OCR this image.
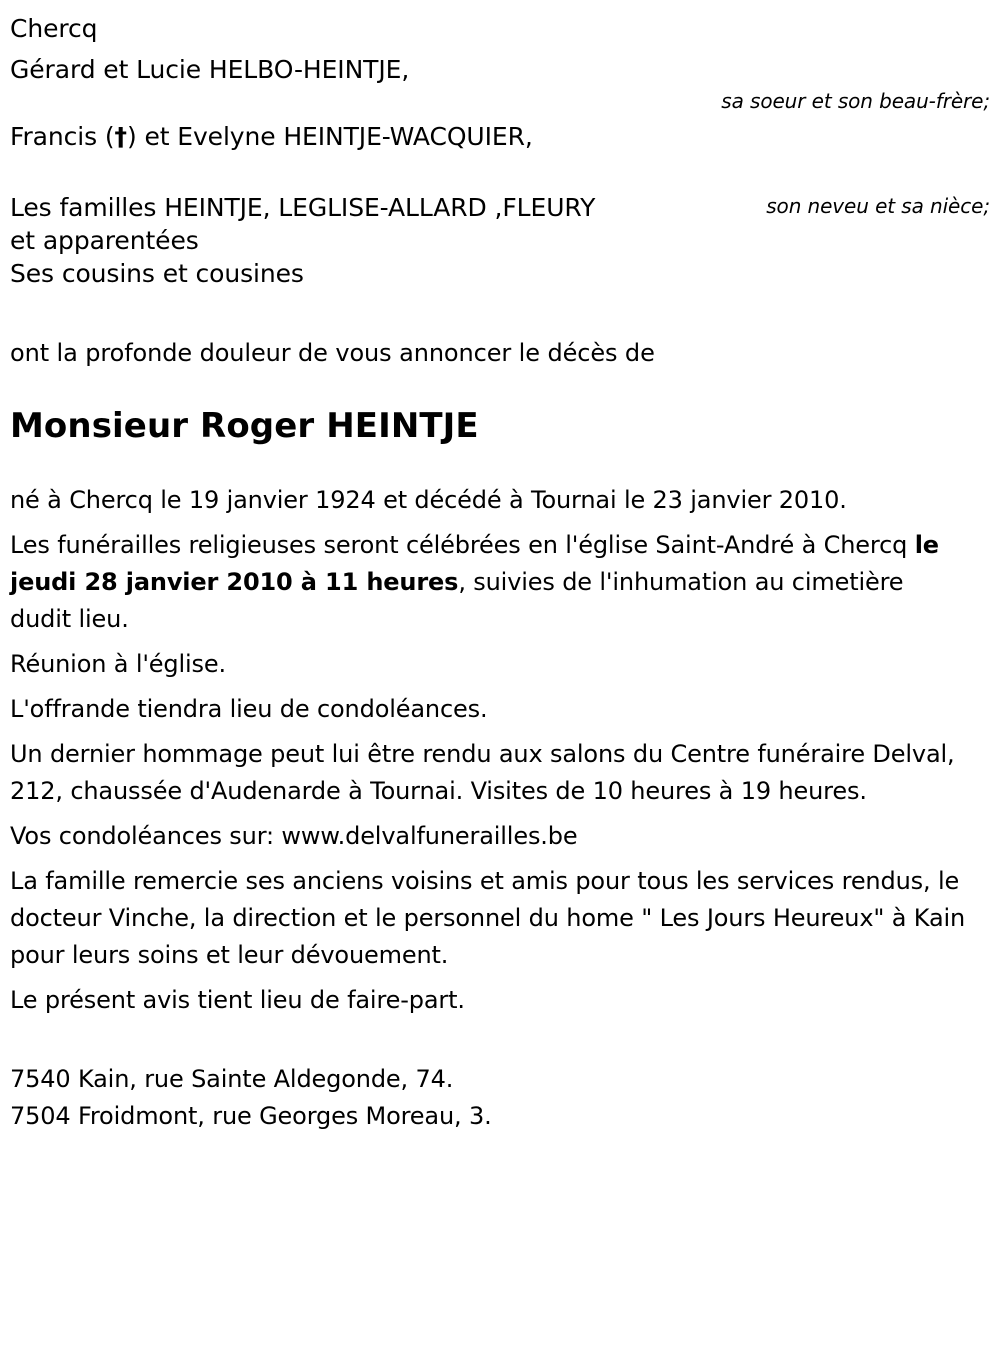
Chercq
Gérard et Lucie HELBO-HEINTJE,
sa soeur et son beau-frère;
Francis (†) et Evelyne HEINTJE-WACQUIER,
son neveu et sa nièce;
Les familles HEINTJE, LEGLISE-ALLARD ,FLEURY
et apparentées
Ses cousins et cousines
ont la profonde douleur de vous annoncer le décès de
Monsieur Roger HEINTJE

né à Chercq le 19 janvier 1924 et décédé à Tournai le 23 janvier 2010.

Les funérailles religieuses seront célébrées en l'église Saint-André à Chercq le jeudi 28 janvier 2010 à 11 heures, suivies de l'inhumation au cimetière dudit lieu.

Réunion à l'église.

L'offrande tiendra lieu de condoléances.

Un dernier hommage peut lui être rendu aux salons du Centre funéraire Delval, 212, chaussée d'Audenarde à Tournai. Visites de 10 heures à 19 heures.

Vos condoléances sur: www.delvalfunerailles.be

La famille remercie ses anciens voisins et amis pour tous les services rendus, le docteur Vinche, la direction et le personnel du home " Les Jours Heureux" à Kain pour leurs soins et leur dévouement.

Le présent avis tient lieu de faire-part.

7540 Kain, rue Sainte Aldegonde, 74.
7504 Froidmont, rue Georges Moreau, 3.
